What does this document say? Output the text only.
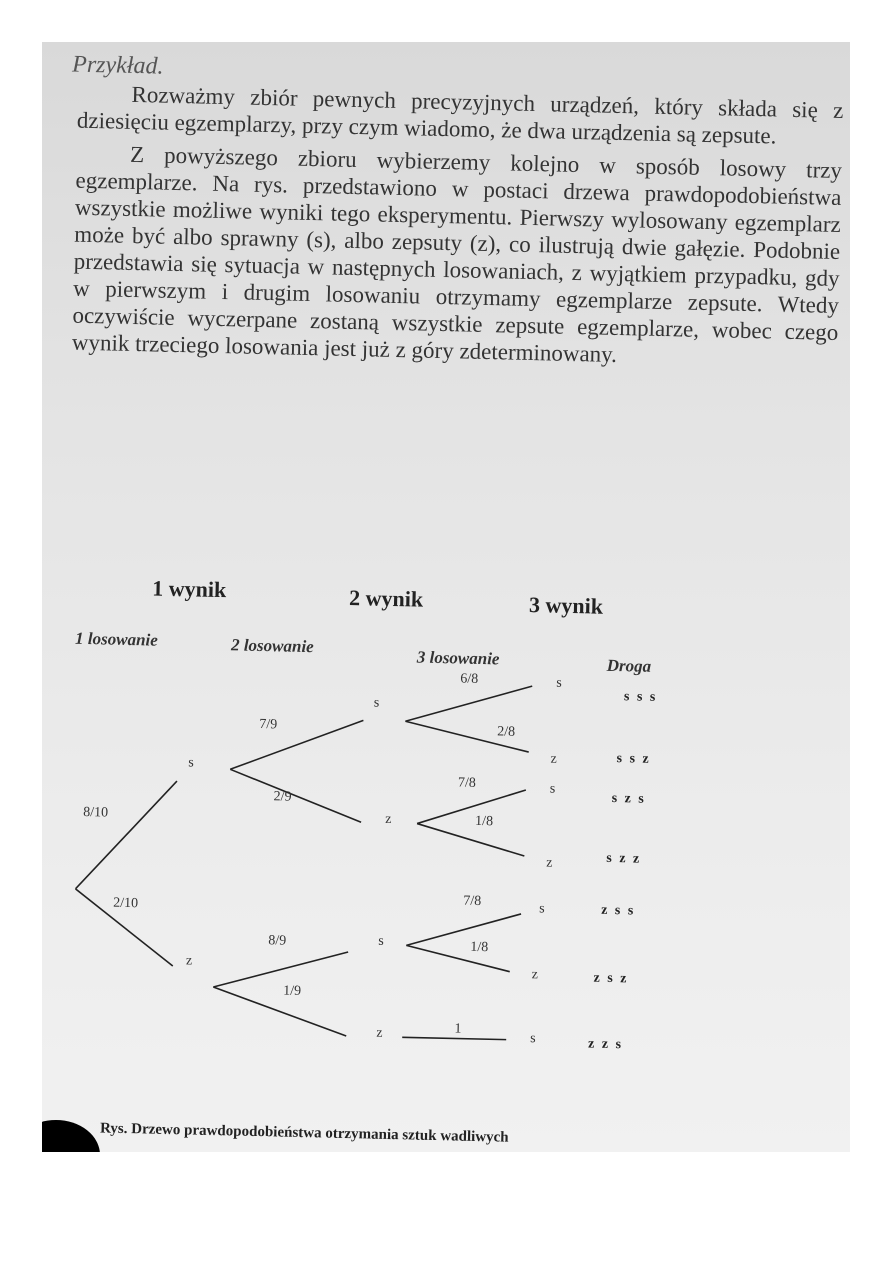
Przykład.

Rozważmy zbiór pewnych precyzyjnych urządzeń, który składa się z dziesięciu egzemplarzy, przy czym wiadomo, że dwa urządzenia są zepsute.

Z powyższego zbioru wybierzemy kolejno w sposób losowy trzy egzemplarze. Na rys. przedstawiono w postaci drzewa prawdopodobieństwa wszystkie możliwe wyniki tego eksperymentu. Pierwszy wylosowany egzemplarz może być albo sprawny (s), albo zepsuty (z), co ilustrują dwie gałęzie. Podobnie przedstawia się sytuacja w następnych losowaniach, z wyjątkiem przypadku, gdy w pierwszym i drugim losowaniu otrzymamy egzemplarze zepsute. Wtedy oczywiście wyczerpane zostaną wszystkie zepsute egzemplarze, wobec czego wynik trzeciego losowania jest już z góry zdeterminowany.

1 wynik	2 wynik	3 wynik
1 losowanie	2 losowanie
3 losowanie	Droga
8/10
2/10
s
z
7/9
2/9
8/9
1/9
s
z
s
z
6/8
2/8
7/8
1/8
7/8
1/8
1
s
z
s
z
s
z
s
s s s
s s z
s z s
s z z
z s s
z s z
z z s
Rys. Drzewo prawdopodobieństwa otrzymania sztuk wadliwych
